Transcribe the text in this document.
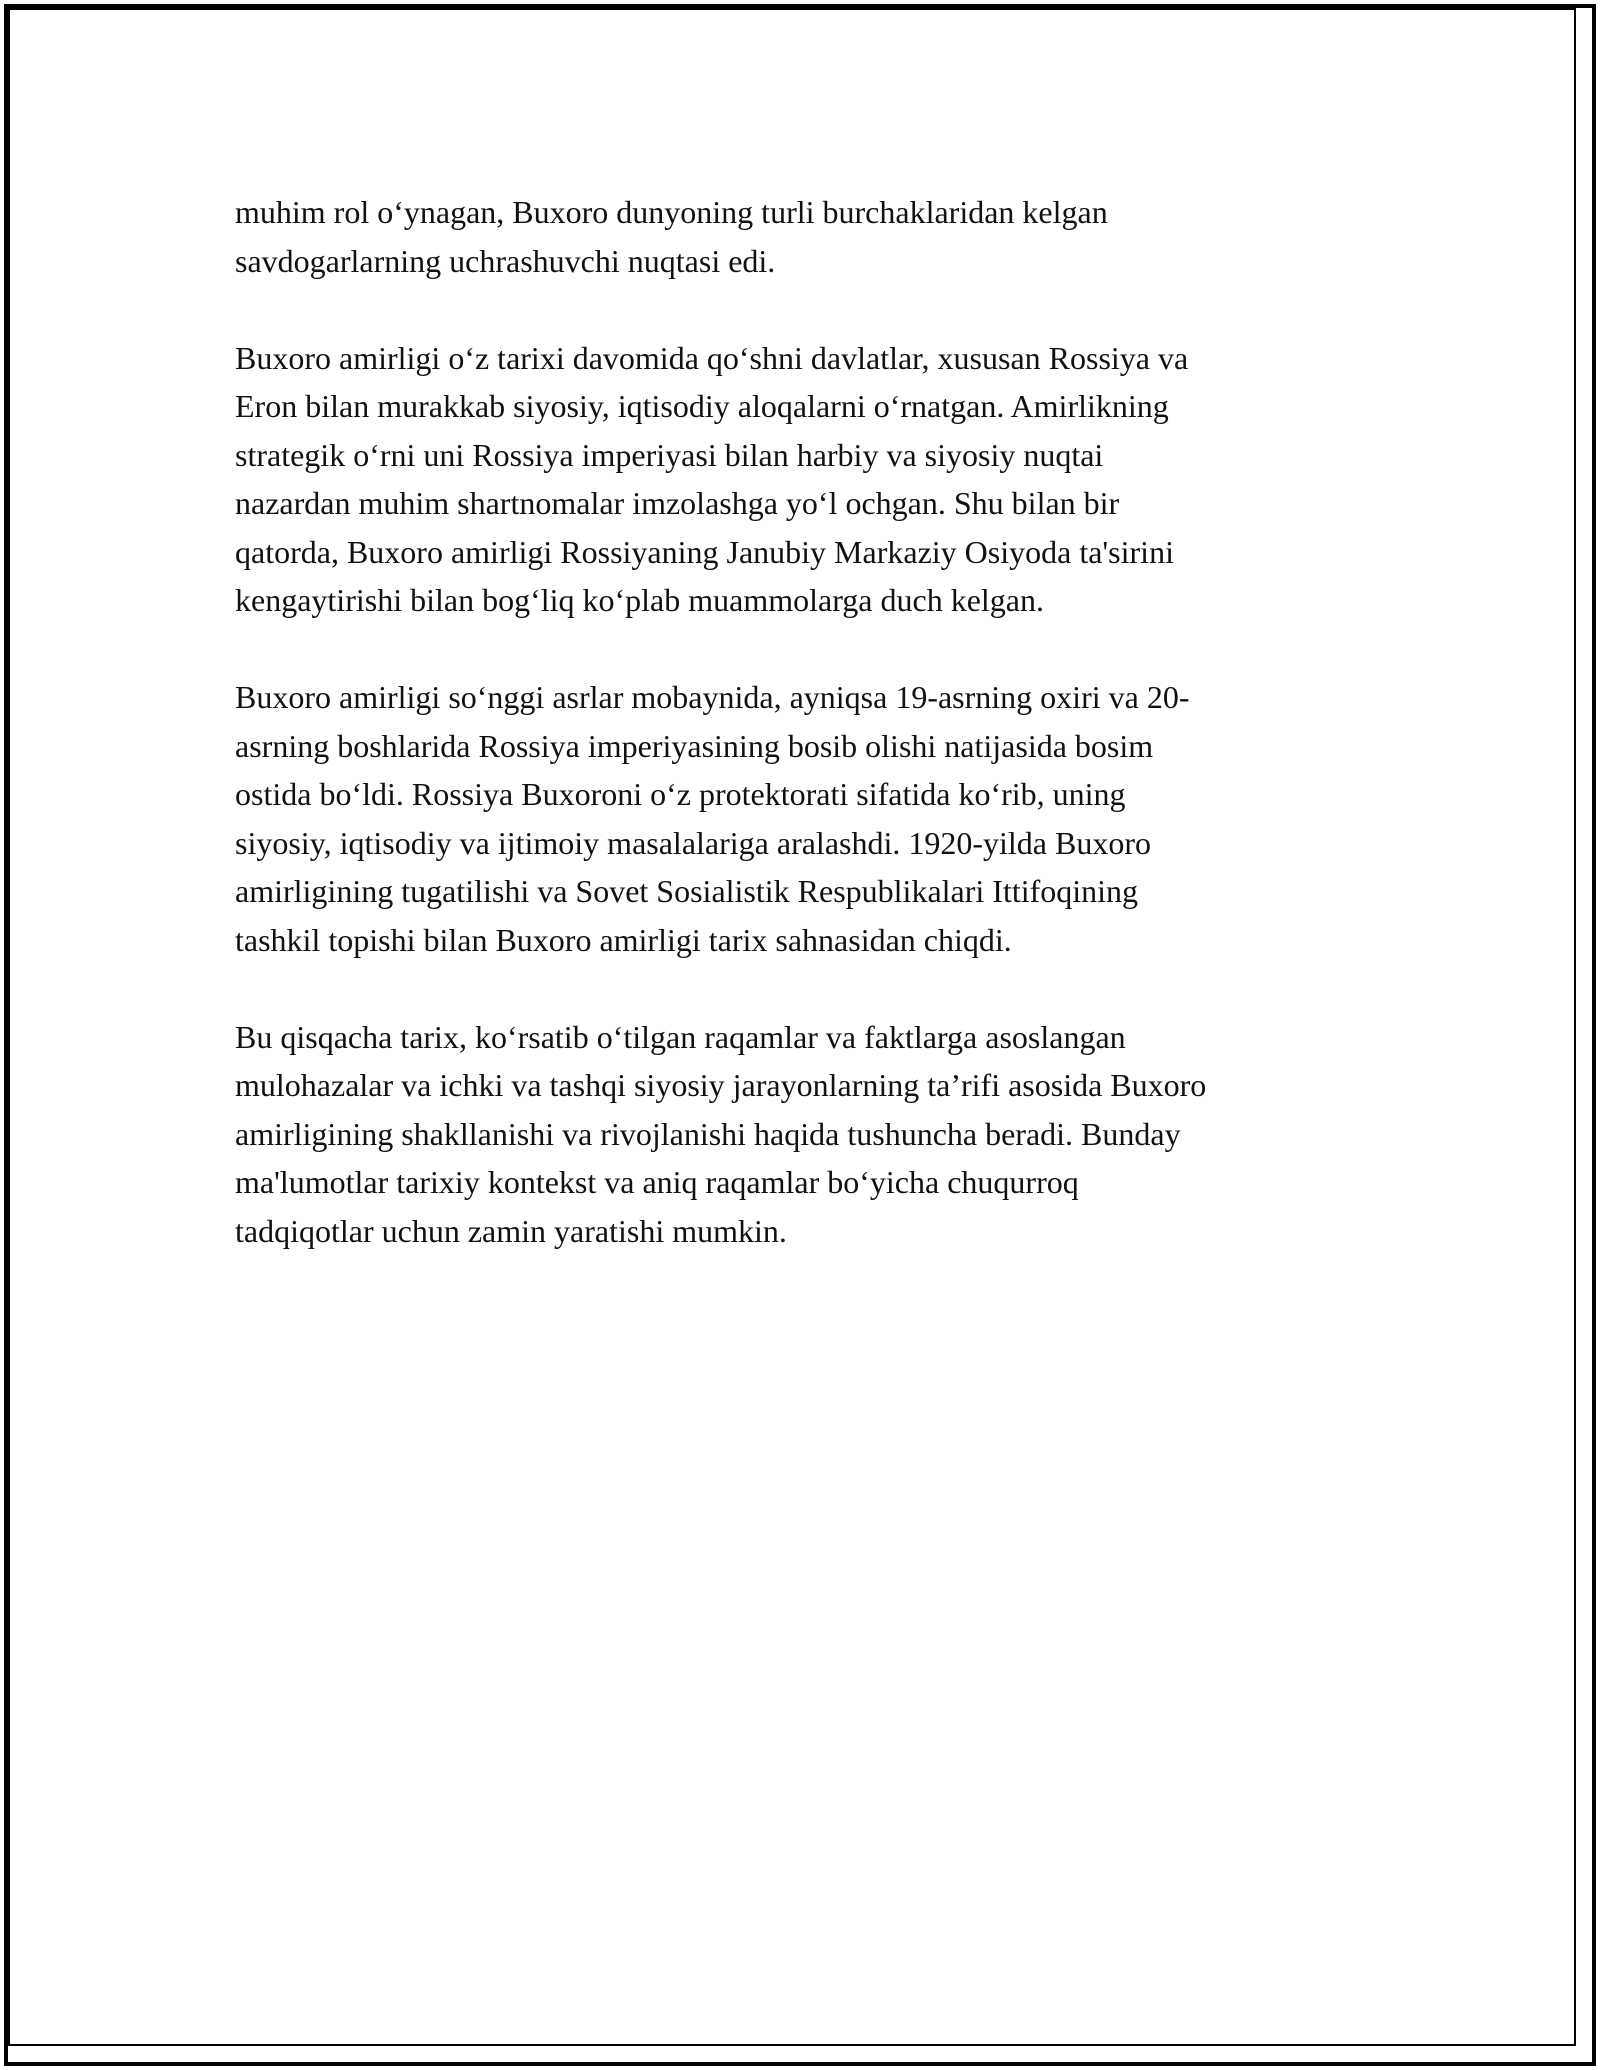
muhim rol o‘ynagan, Buxoro dunyoning turli burchaklaridan kelgan
savdogarlarning uchrashuvchi nuqtasi edi.

Buxoro amirligi o‘z tarixi davomida qo‘shni davlatlar, xususan Rossiya va
Eron bilan murakkab siyosiy, iqtisodiy aloqalarni o‘rnatgan. Amirlikning
strategik o‘rni uni Rossiya imperiyasi bilan harbiy va siyosiy nuqtai
nazardan muhim shartnomalar imzolashga yo‘l ochgan. Shu bilan bir
qatorda, Buxoro amirligi Rossiyaning Janubiy Markaziy Osiyoda ta'sirini
kengaytirishi bilan bog‘liq ko‘plab muammolarga duch kelgan.

Buxoro amirligi so‘nggi asrlar mobaynida, ayniqsa 19-asrning oxiri va 20-
asrning boshlarida Rossiya imperiyasining bosib olishi natijasida bosim
ostida bo‘ldi. Rossiya Buxoroni o‘z protektorati sifatida ko‘rib, uning
siyosiy, iqtisodiy va ijtimoiy masalalariga aralashdi. 1920-yilda Buxoro
amirligining tugatilishi va Sovet Sosialistik Respublikalari Ittifoqining
tashkil topishi bilan Buxoro amirligi tarix sahnasidan chiqdi.

Bu qisqacha tarix, ko‘rsatib o‘tilgan raqamlar va faktlarga asoslangan
mulohazalar va ichki va tashqi siyosiy jarayonlarning ta’rifi asosida Buxoro
amirligining shakllanishi va rivojlanishi haqida tushuncha beradi. Bunday
ma'lumotlar tarixiy kontekst va aniq raqamlar bo‘yicha chuqurroq
tadqiqotlar uchun zamin yaratishi mumkin.
